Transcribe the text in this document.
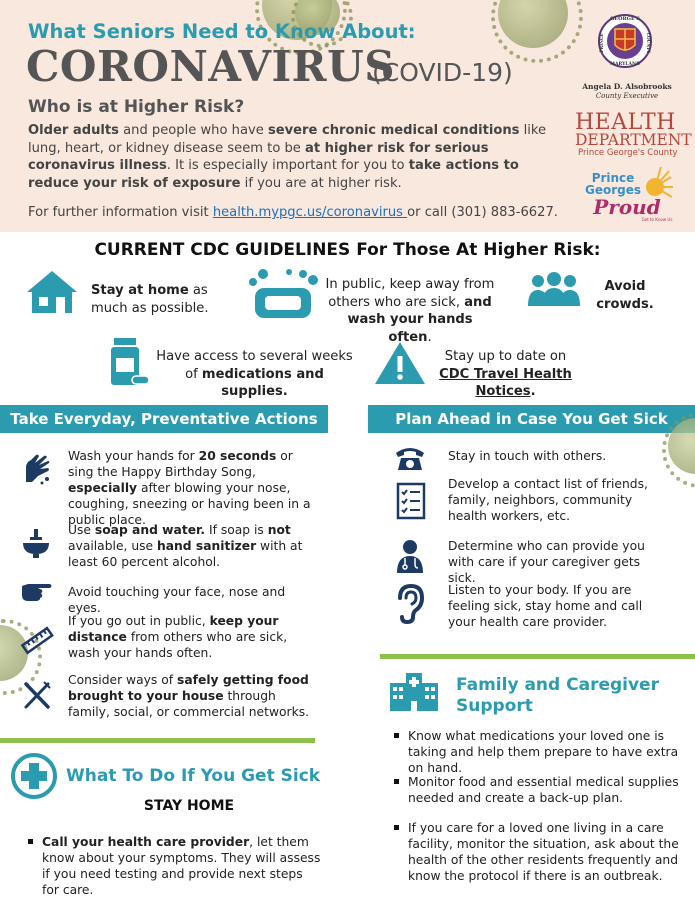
What Seniors Need to Know About:
CORONAVIRUS
(COVID-19)
Who is at Higher Risk?
Older adults and people who have severe chronic medical conditions like lung, heart, or kidney disease seem to be at higher risk for serious coronavirus illness. It is especially important for you to take actions to reduce your risk of exposure if you are at higher risk.
For further information visit health.mypgc.us/coronavirus or call (301) 883-6627.
GEORGE'S
PRINCE	COUNTY
MARYLAND
Angela D. Alsobrooks
County Executive
HEALTH
DEPARTMENT
Prince George's County
Prince
Georges
Proud
Get to Know Us
CURRENT CDC GUIDELINES For Those At Higher Risk:
Stay at home as much as possible.
In public, keep away from others who are sick, and wash your hands often.
Avoid crowds.
Have access to several weeks of medications and supplies.
Stay up to date on CDC Travel Health Notices.
Take Everyday, Preventative Actions
Wash your hands for 20 seconds or sing the Happy Birthday Song, especially after blowing your nose, coughing, sneezing or having been in a public place.
Use soap and water. If soap is not available, use hand sanitizer with at least 60 percent alcohol.
Avoid touching your face, nose and eyes.
If you go out in public, keep your distance from others who are sick, wash your hands often.
Consider ways of safely getting food brought to your house through family, social, or commercial networks.
What To Do If You Get Sick
STAY HOME
Call your health care provider, let them know about your symptoms. They will assess if you need testing and provide next steps for care.
Plan Ahead in Case You Get Sick
Stay in touch with others.
Develop a contact list of friends, family, neighbors, community health workers, etc.
Determine who can provide you with care if your caregiver gets sick.
Listen to your body. If you are feeling sick, stay home and call your health care provider.
Family and Caregiver
Support
Know what medications your loved one is taking and help them prepare to have extra on hand.
Monitor food and essential medical supplies needed and create a back-up plan.
If you care for a loved one living in a care facility, monitor the situation, ask about the health of the other residents frequently and know the protocol if there is an outbreak.
